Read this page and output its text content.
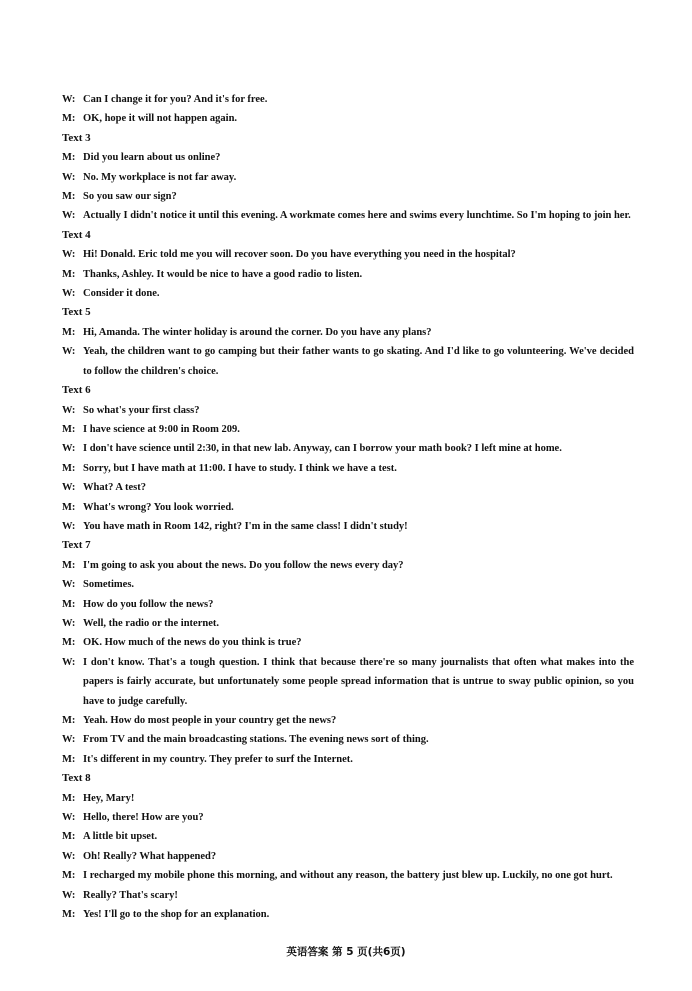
W: Can I change it for you? And it's for free.
M: OK, hope it will not happen again.
Text 3
M: Did you learn about us online?
W: No. My workplace is not far away.
M: So you saw our sign?
W: Actually I didn't notice it until this evening. A workmate comes here and swims every lunchtime. So I'm hoping to join her.
Text 4
W: Hi! Donald. Eric told me you will recover soon. Do you have everything you need in the hospital?
M: Thanks, Ashley. It would be nice to have a good radio to listen.
W: Consider it done.
Text 5
M: Hi, Amanda. The winter holiday is around the corner. Do you have any plans?
W: Yeah, the children want to go camping but their father wants to go skating. And I'd like to go volunteering. We've decided to follow the children's choice.
Text 6
W: So what's your first class?
M: I have science at 9:00 in Room 209.
W: I don't have science until 2:30, in that new lab. Anyway, can I borrow your math book? I left mine at home.
M: Sorry, but I have math at 11:00. I have to study. I think we have a test.
W: What? A test?
M: What's wrong? You look worried.
W: You have math in Room 142, right? I'm in the same class! I didn't study!
Text 7
M: I'm going to ask you about the news. Do you follow the news every day?
W: Sometimes.
M: How do you follow the news?
W: Well, the radio or the internet.
M: OK. How much of the news do you think is true?
W: I don't know. That's a tough question. I think that because there're so many journalists that often what makes into the papers is fairly accurate, but unfortunately some people spread information that is untrue to sway public opinion, so you have to judge carefully.
M: Yeah. How do most people in your country get the news?
W: From TV and the main broadcasting stations. The evening news sort of thing.
M: It's different in my country. They prefer to surf the Internet.
Text 8
M: Hey, Mary!
W: Hello, there! How are you?
M: A little bit upset.
W: Oh! Really? What happened?
M: I recharged my mobile phone this morning, and without any reason, the battery just blew up. Luckily, no one got hurt.
W: Really? That's scary!
M: Yes! I'll go to the shop for an explanation.
英语答案 第 5 页(共6页)
